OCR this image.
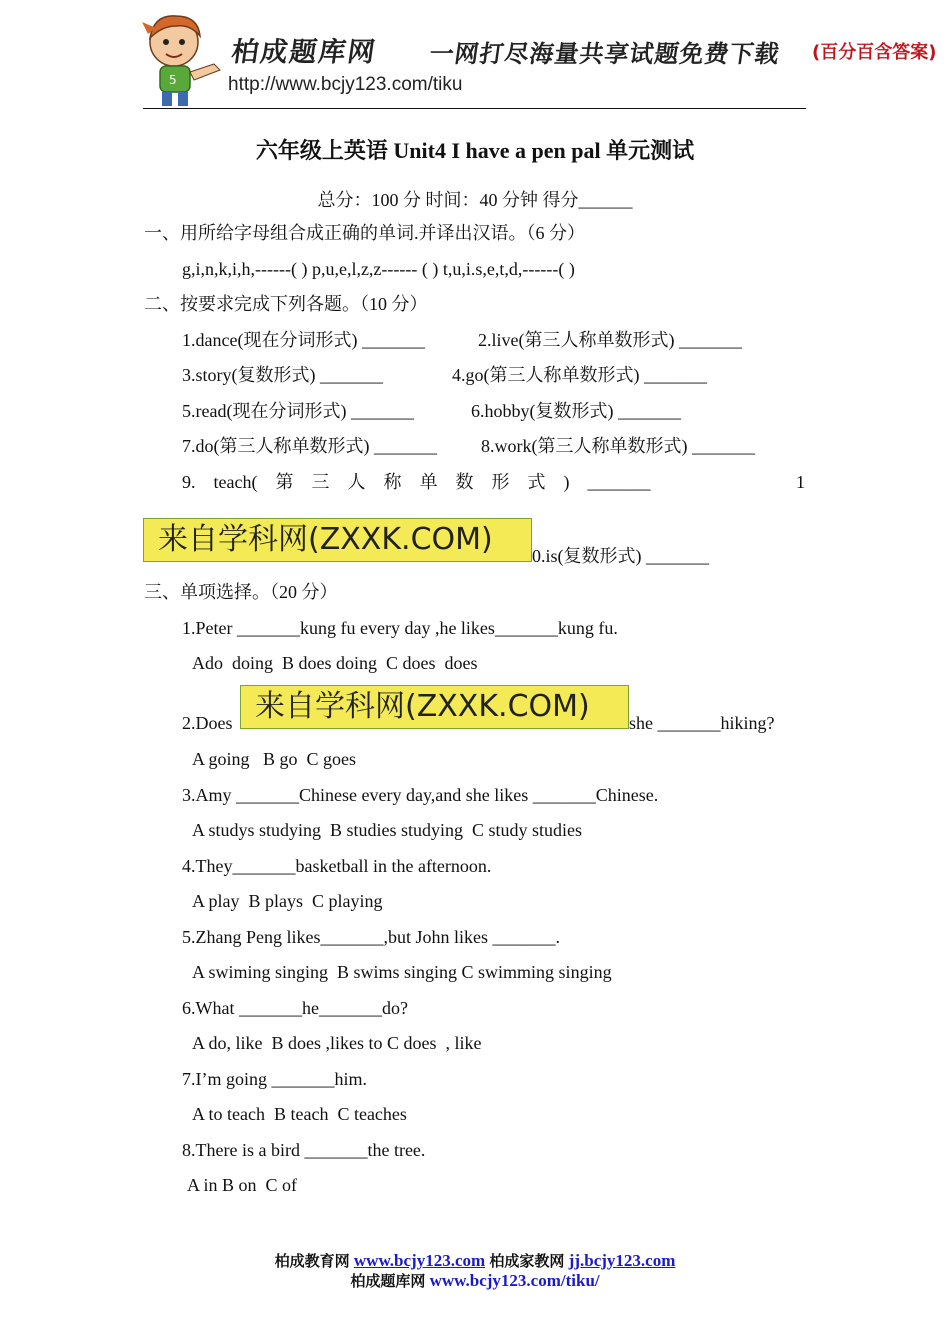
5
柏成题库网 一网打尽海量共享试题免费下载 (百分百含答案)
http://www.bcjy123.com/tiku
六年级上英语 Unit4 I have a pen pal 单元测试
总分：100 分 时间：40 分钟 得分______
一、用所给字母组合成正确的单词.并译出汉语。（6 分）
g,i,n,k,i,h,------( ) p,u,e,l,z,z------ ( ) t,u,i.s,e,t,d,------( )
二、按要求完成下列各题。（10 分）
1.dance(现在分词形式) _______	2.live(第三人称单数形式) _______
3.story(复数形式) _______	4.go(第三人称单数形式) _______
5.read(现在分词形式) _______	6.hobby(复数形式) _______
7.do(第三人称单数形式) _______ 8.work(第三人称单数形式) _______
9.    teach(    第    三    人    称    单    数    形    式    )    _______	1
来自学科网(ZXXK.COM)	0.is(复数形式) _______
三、单项选择。（20 分）
1.Peter _______kung fu every day ,he likes_______kung fu.
Ado  doing  B does doing  C does  does
2.Does 来自学科网(ZXXK.COM)	she _______hiking?
A going   B go  C goes
3.Amy _______Chinese every day,and she likes _______Chinese.
A studys studying  B studies studying  C study studies
4.They_______basketball in the afternoon.
A play  B plays  C playing
5.Zhang Peng likes_______,but John likes _______.
A swiming singing  B swims singing C swimming singing
6.What _______he_______do?
A do, like  B does ,likes to C does  , like
7.I’m going _______him.
A to teach  B teach  C teaches
8.There is a bird _______the tree.
A in B on  C of
柏成教育网 www.bcjy123.com 柏成家教网 jj.bcjy123.com
柏成题库网 www.bcjy123.com/tiku/
